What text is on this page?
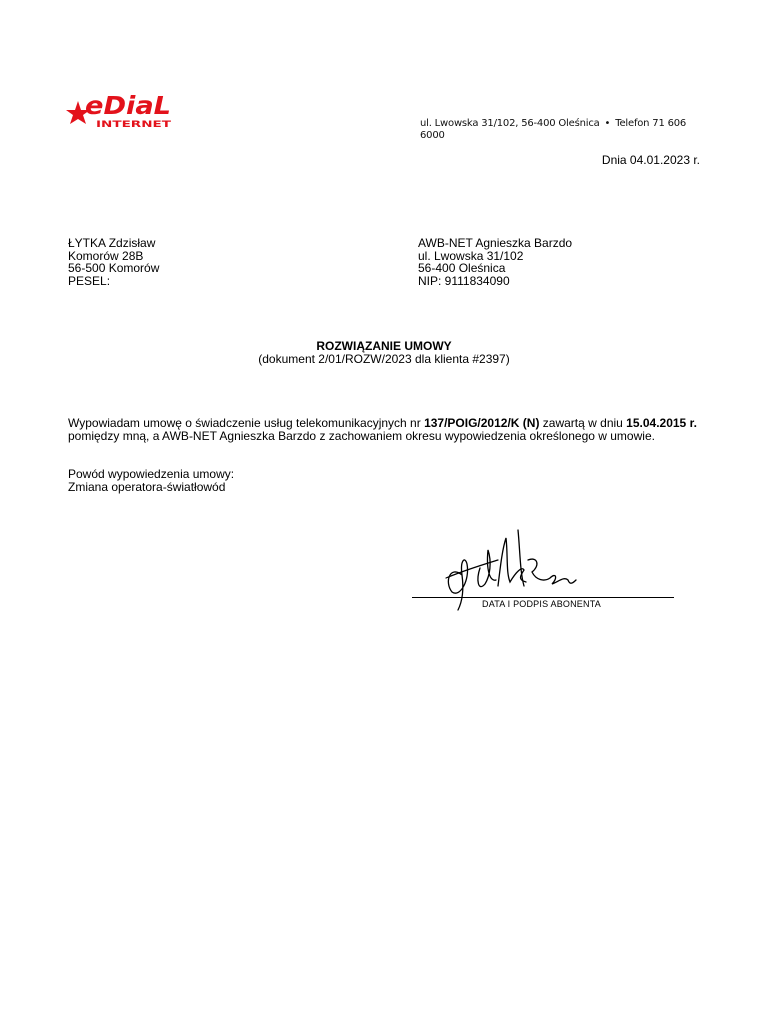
eDiaL
INTERNET	ul. Lwowska 31/102, 56-400 Oleśnica • Telefon 71 606 6000
Dnia 04.01.2023 r.
ŁYTKA Zdzisław
Komorów 28B
56-500 Komorów
PESEL:
AWB-NET Agnieszka Barzdo
ul. Lwowska 31/102
56-400 Oleśnica
NIP: 9111834090
ROZWIĄZANIE UMOWY
(dokument 2/01/ROZW/2023 dla klienta #2397)
Wypowiadam umowę o świadczenie usług telekomunikacyjnych nr 137/POIG/2012/K (N) zawartą w dniu 15.04.2015 r.
pomiędzy mną, a AWB-NET Agnieszka Barzdo z zachowaniem okresu wypowiedzenia określonego w umowie.
Powód wypowiedzenia umowy:
Zmiana operatora-światłowód
DATA I PODPIS ABONENTA
